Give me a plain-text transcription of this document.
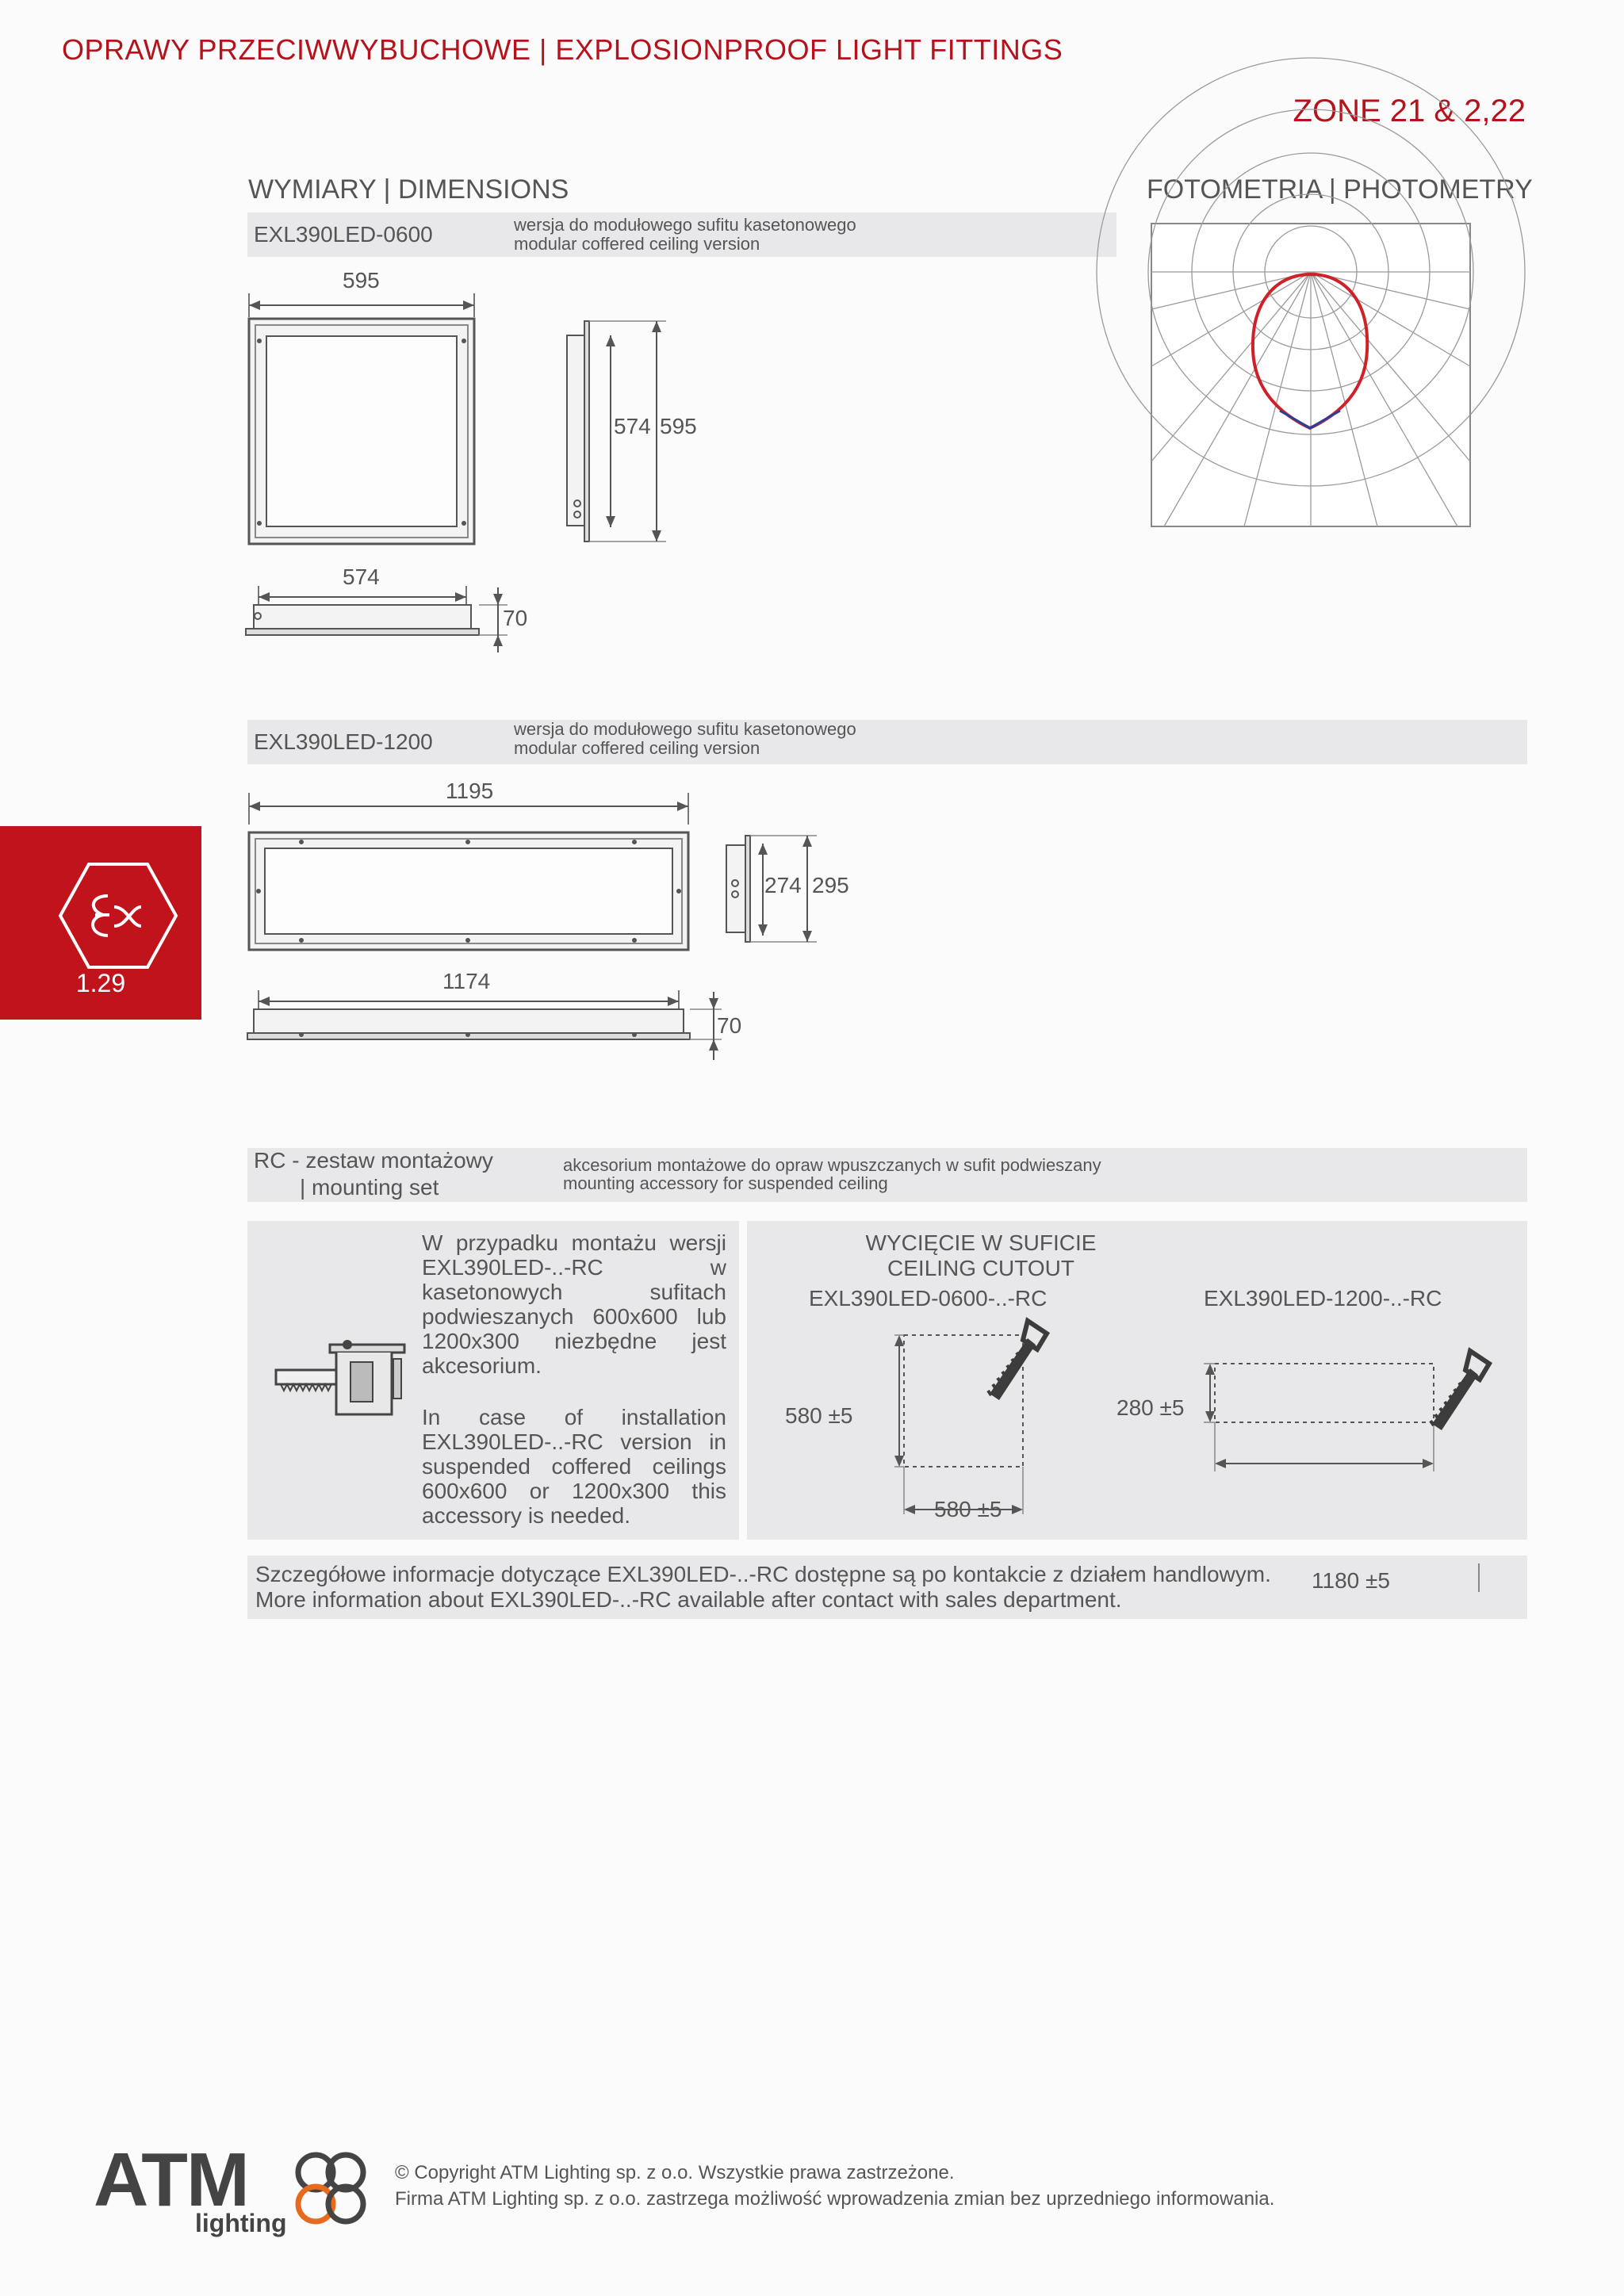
OPRAWY PRZECIWWYBUCHOWE | EXPLOSIONPROOF LIGHT FITTINGS
ZONE 21 & 2,22
WYMIARY | DIMENSIONS	FOTOMETRIA | PHOTOMETRY
EXL390LED-0600	wersja do modułowego sufitu kasetonowego
modular coffered ceiling version
595
574 595
574
70
EXL390LED-1200
wersja do modułowego sufitu kasetonowego
modular coffered ceiling version
1195
274 295
1174
70
1.29
RC - zestaw montażowy
| mounting set
akcesorium montażowe do opraw wpuszczanych w sufit podwieszany
mounting accessory for suspended ceiling
W przypadku montażu wersji EXL390LED-..-RC w kasetonowych sufitach podwieszanych 600x600 lub 1200x300 niezbędne jest akcesorium.
In case of installation EXL390LED-..-RC version in suspended coffered ceilings 600x600 or 1200x300 this accessory is needed.
WYCIĘCIE W SUFICIE
CEILING CUTOUT
EXL390LED-0600-..-RC	EXL390LED-1200-..-RC
580 ±5
580 ±5
280 ±5
Szczegółowe informacje dotyczące EXL390LED-..-RC dostępne są po kontakcie z działem handlowym.
More information about EXL390LED-..-RC available after contact with sales department.
1180 ±5
ATM
lighting
© Copyright ATM Lighting sp. z o.o. Wszystkie prawa zastrzeżone.
Firma ATM Lighting sp. z o.o. zastrzega możliwość wprowadzenia zmian bez uprzedniego informowania.
